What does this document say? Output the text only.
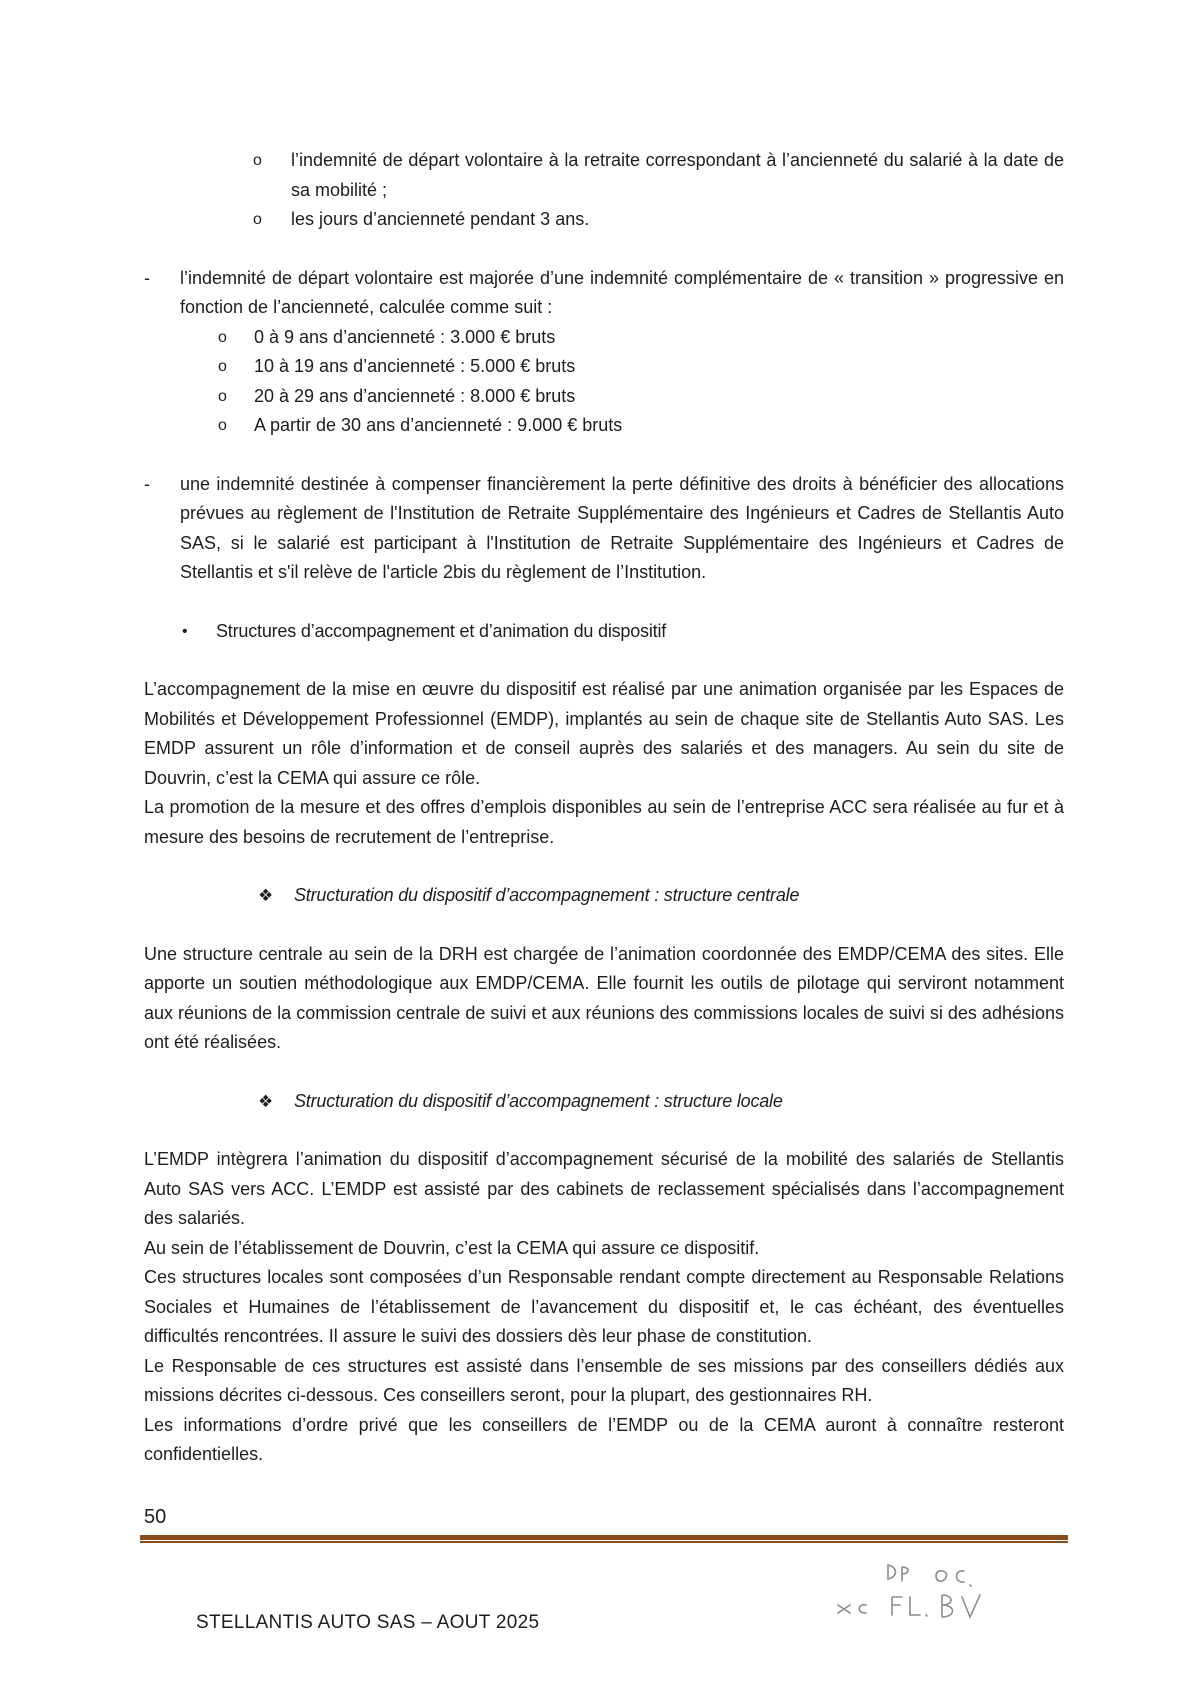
o l’indemnité de départ volontaire à la retraite correspondant à l’ancienneté du salarié à la date de sa mobilité ;

o les jours d’ancienneté pendant 3 ans.

- l’indemnité de départ volontaire est majorée d’une indemnité complémentaire de « transition » progressive en fonction de l’ancienneté, calculée comme suit :

o 0 à 9 ans d’ancienneté : 3.000 € bruts

o 10 à 19 ans d’ancienneté : 5.000 € bruts

o 20 à 29 ans d’ancienneté : 8.000 € bruts

o A partir de 30 ans d’ancienneté : 9.000 € bruts

- une indemnité destinée à compenser financièrement la perte définitive des droits à bénéficier des allocations prévues au règlement de l'Institution de Retraite Supplémentaire des Ingénieurs et Cadres de Stellantis Auto SAS, si le salarié est participant à l'Institution de Retraite Supplémentaire des Ingénieurs et Cadres de Stellantis et s'il relève de l'article 2bis du règlement de l’Institution.

• Structures d’accompagnement et d’animation du dispositif

L’accompagnement de la mise en œuvre du dispositif est réalisé par une animation organisée par les Espaces de Mobilités et Développement Professionnel (EMDP), implantés au sein de chaque site de Stellantis Auto SAS. Les EMDP assurent un rôle d’information et de conseil auprès des salariés et des managers. Au sein du site de Douvrin, c’est la CEMA qui assure ce rôle.

La promotion de la mesure et des offres d’emplois disponibles au sein de l’entreprise ACC sera réalisée au fur et à mesure des besoins de recrutement de l’entreprise.

❖ Structuration du dispositif d’accompagnement : structure centrale

Une structure centrale au sein de la DRH est chargée de l’animation coordonnée des EMDP/CEMA des sites. Elle apporte un soutien méthodologique aux EMDP/CEMA. Elle fournit les outils de pilotage qui serviront notamment aux réunions de la commission centrale de suivi et aux réunions des commissions locales de suivi si des adhésions ont été réalisées.

❖ Structuration du dispositif d’accompagnement : structure locale

L’EMDP intègrera l’animation du dispositif d’accompagnement sécurisé de la mobilité des salariés de Stellantis Auto SAS vers ACC. L’EMDP est assisté par des cabinets de reclassement spécialisés dans l’accompagnement des salariés.

Au sein de l’établissement de Douvrin, c’est la CEMA qui assure ce dispositif.

Ces structures locales sont composées d’un Responsable rendant compte directement au Responsable Relations Sociales et Humaines de l’établissement de l’avancement du dispositif et, le cas échéant, des éventuelles difficultés rencontrées. Il assure le suivi des dossiers dès leur phase de constitution.

Le Responsable de ces structures est assisté dans l’ensemble de ses missions par des conseillers dédiés aux missions décrites ci-dessous. Ces conseillers seront, pour la plupart, des gestionnaires RH.

Les informations d’ordre privé que les conseillers de l’EMDP ou de la CEMA auront à connaître resteront confidentielles.

50
STELLANTIS AUTO SAS – AOUT 2025
